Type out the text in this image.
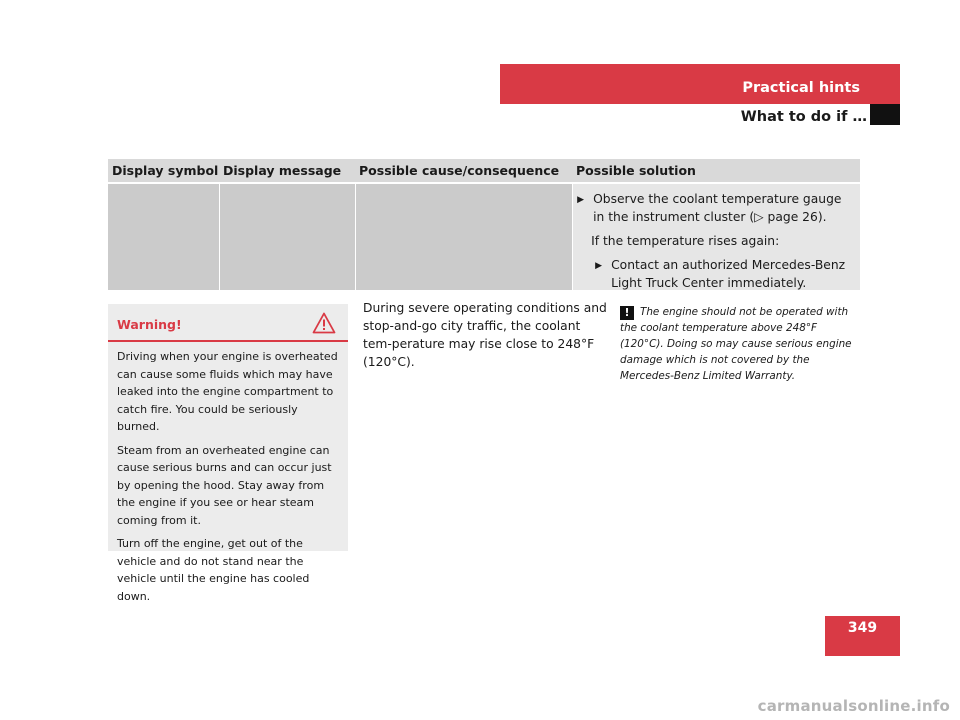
Practical hints
What to do if …
Display symbol Display message	Possible cause/consequence	Possible solution
▶ Observe the coolant temperature gauge in the instrument cluster (▷ page 26).
If the temperature rises again:
▶ Contact an authorized Mercedes-Benz Light Truck Center immediately.
Warning!

Driving when your engine is overheated can cause some fluids which may have leaked into the engine compartment to catch fire. You could be seriously burned.

Steam from an overheated engine can cause serious burns and can occur just by opening the hood. Stay away from the engine if you see or hear steam coming from it.

Turn off the engine, get out of the vehicle and do not stand near the vehicle until the engine has cooled down.

During severe operating conditions and stop-and-go city traffic, the coolant tem-perature may rise close to 248°F (120°C).
! The engine should not be operated with the coolant temperature above 248°F (120°C). Doing so may cause serious engine damage which is not covered by the Mercedes-Benz Limited Warranty.
349
carmanualsonline.info
